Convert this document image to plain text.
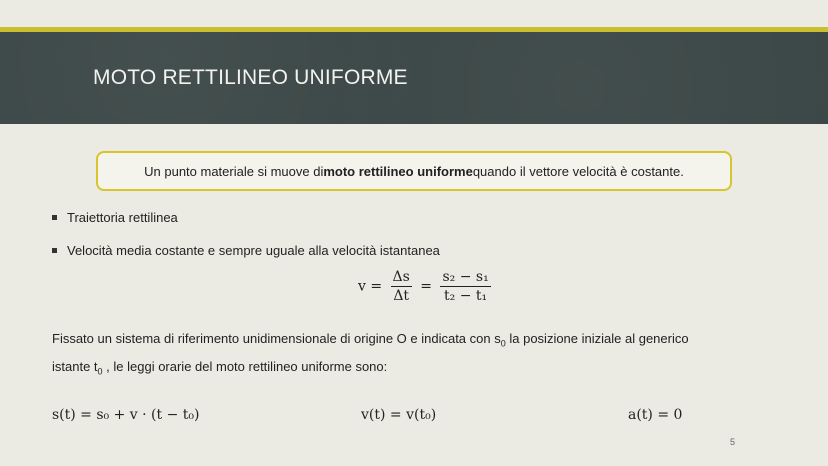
MOTO RETTILINEO UNIFORME
Un punto materiale si muove di moto rettilineo uniforme quando il vettore velocità è costante.
Traiettoria rettilinea
Velocità media costante e sempre uguale alla velocità istantanea
$v = \frac{\Delta s}{\Delta t} = \frac{\text{s₂ − s₁}}{\text{t₂ − t₁}}$
Fissato un sistema di riferimento unidimensionale di origine O e indicata con $s_0$ la posizione iniziale al generico
istante $t_0$ , le leggi orarie del moto rettilineo uniforme sono:
s(t) = s₀ + v · (t − t₀)	v(t) = v(t₀)	a(t) = 0
5
